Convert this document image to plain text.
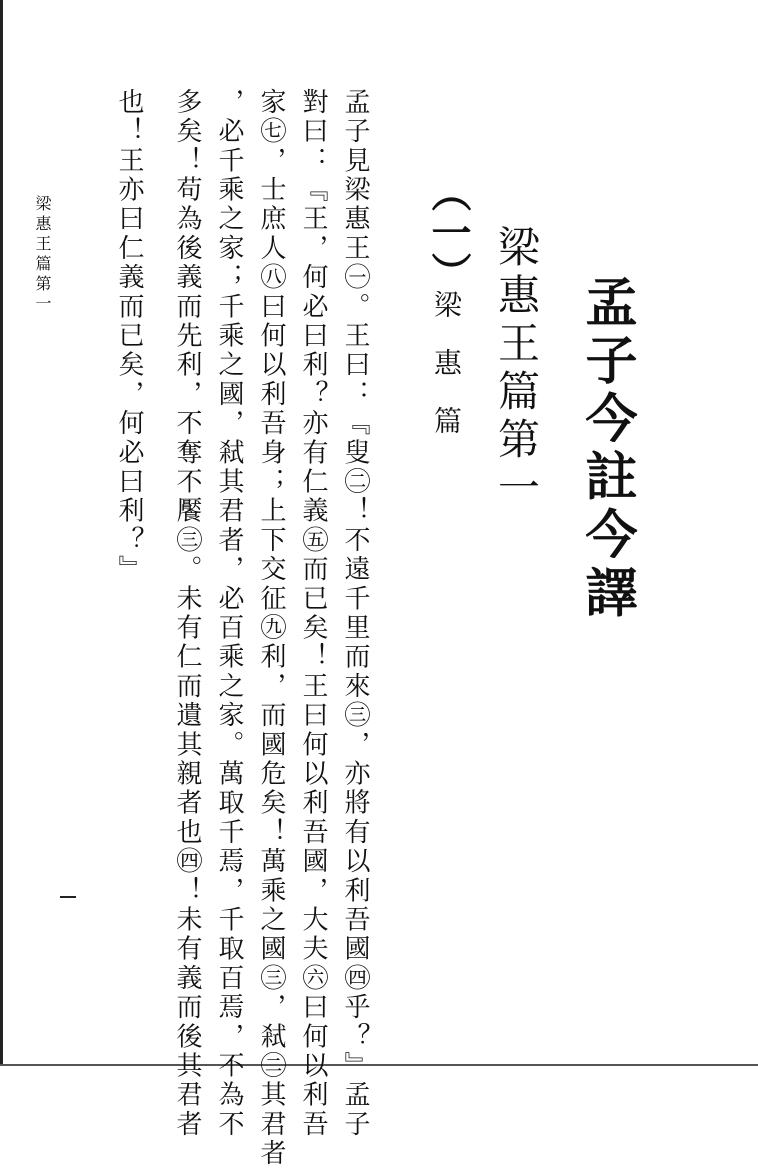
孟子今註今譯
梁惠王篇第一
（一）
梁惠篇
孟子見梁惠王㊀。王曰：『叟㊁！不遠千里而來㊂，亦將有以利吾國㊃乎？』孟子
對曰：『王，何必曰利？亦有仁義㊄而已矣！王曰何以利吾國，大夫㊅曰何以利吾
家㊆，士庶人㊇曰何以利吾身；上下交征㊈利，而國危矣！萬乘之國㊂，弒㊁其君者
，必千乘之家；千乘之國，弒其君者，必百乘之家。萬取千焉，千取百焉，不為不
多矣！苟為後義而先利，不奪不饜㊂。未有仁而遺其親者也㊃！未有義而後其君者
也！王亦曰仁義而已矣，何必曰利？』
梁惠王篇第一
